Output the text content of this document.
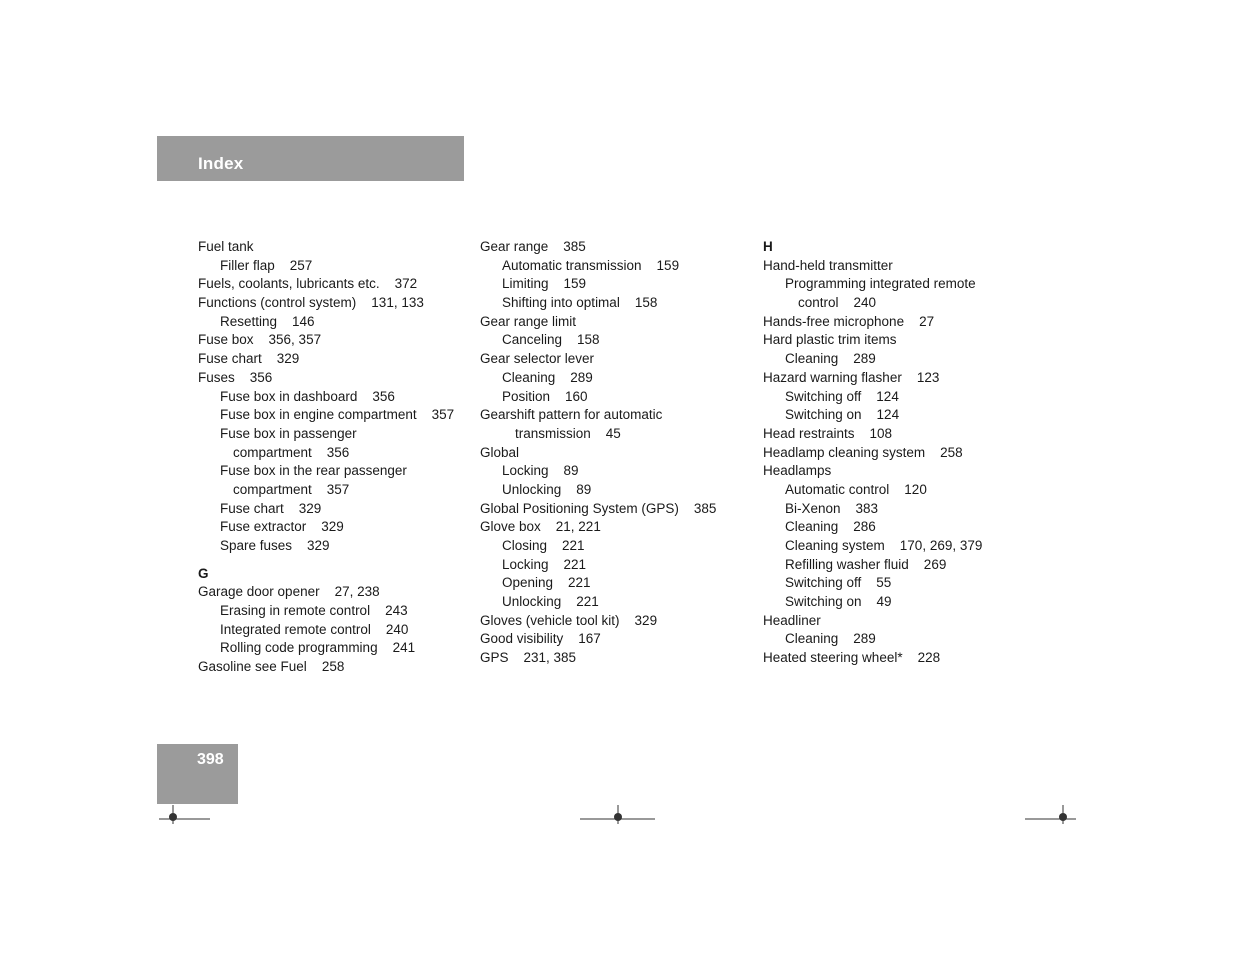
Index
Fuel tank
Filler flap    257
Fuels, coolants, lubricants etc.    372
Functions (control system)    131, 133
Resetting    146
Fuse box    356, 357
Fuse chart    329
Fuses    356
Fuse box in dashboard    356
Fuse box in engine compartment    357
Fuse box in passenger
compartment    356
Fuse box in the rear passenger
compartment    357
Fuse chart    329
Fuse extractor    329
Spare fuses    329
G
Garage door opener    27, 238
Erasing in remote control    243
Integrated remote control    240
Rolling code programming    241
Gasoline see Fuel    258
Gear range    385
Automatic transmission    159
Limiting    159
Shifting into optimal    158
Gear range limit
Canceling    158
Gear selector lever
Cleaning    289
Position    160
Gearshift pattern for automatic
transmission    45
Global
Locking    89
Unlocking    89
Global Positioning System (GPS)    385
Glove box    21, 221
Closing    221
Locking    221
Opening    221
Unlocking    221
Gloves (vehicle tool kit)    329
Good visibility    167
GPS    231, 385
H
Hand-held transmitter
Programming integrated remote
control    240
Hands-free microphone    27
Hard plastic trim items
Cleaning    289
Hazard warning flasher    123
Switching off    124
Switching on    124
Head restraints    108
Headlamp cleaning system    258
Headlamps
Automatic control    120
Bi-Xenon    383
Cleaning    286
Cleaning system    170, 269, 379
Refilling washer fluid    269
Switching off    55
Switching on    49
Headliner
Cleaning    289
Heated steering wheel*    228
398
